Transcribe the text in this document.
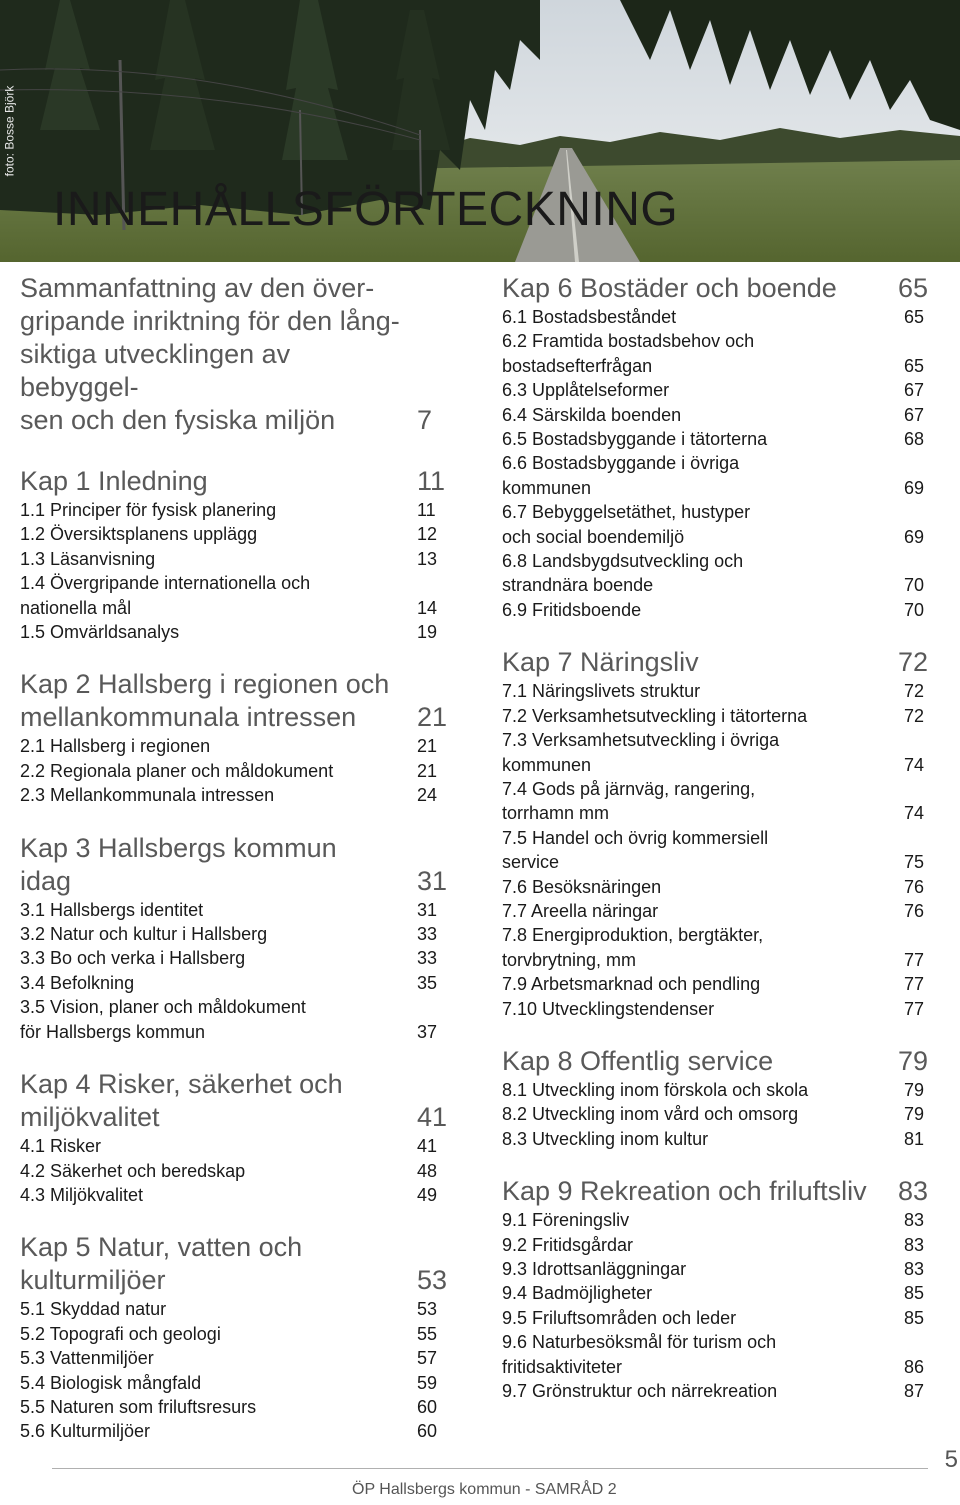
foto: Bosse Björk
INNEHÅLLSFÖRTECKNING
Sammanfattning av den över-
gripande inriktning för den lång-
siktiga utvecklingen av bebyggel-
sen och den fysiska miljön	7
Kap 1 Inledning	11
1.1 Principer för fysisk planering	11
1.2 Översiktsplanens upplägg	12
1.3 Läsanvisning	13
1.4 Övergripande internationella och
nationella mål	14
1.5 Omvärldsanalys	19
Kap 2 Hallsberg i regionen och
mellankommunala intressen	21
2.1 Hallsberg i regionen	21
2.2 Regionala planer och måldokument	21
2.3 Mellankommunala intressen	24
Kap 3 Hallsbergs kommun
idag	31
3.1 Hallsbergs identitet	31
3.2 Natur och kultur i Hallsberg	33
3.3 Bo och verka i Hallsberg	33
3.4 Befolkning	35
3.5 Vision, planer och måldokument
för Hallsbergs kommun	37
Kap 4 Risker, säkerhet och
miljökvalitet	41
4.1 Risker	41
4.2 Säkerhet och beredskap	48
4.3 Miljökvalitet	49
Kap 5 Natur, vatten och
kulturmiljöer	53
5.1 Skyddad natur	53
5.2 Topografi och geologi	55
5.3 Vattenmiljöer	57
5.4 Biologisk mångfald	59
5.5 Naturen som friluftsresurs	60
5.6 Kulturmiljöer	60
Kap 6 Bostäder och boende	65
6.1 Bostadsbeståndet	65
6.2 Framtida bostadsbehov och
bostadsefterfrågan	65
6.3 Upplåtelseformer	67
6.4 Särskilda boenden	67
6.5 Bostadsbyggande i tätorterna	68
6.6 Bostadsbyggande i övriga
kommunen	69
6.7 Bebyggelsetäthet, hustyper
och social boendemiljö	69
6.8 Landsbygdsutveckling och
strandnära boende	70
6.9 Fritidsboende	70
Kap 7 Näringsliv	72
7.1 Näringslivets struktur	72
7.2 Verksamhetsutveckling i tätorterna	72
7.3 Verksamhetsutveckling i övriga
kommunen	74
7.4 Gods på järnväg, rangering,
torrhamn mm	74
7.5 Handel och övrig kommersiell
service	75
7.6 Besöksnäringen	76
7.7 Areella näringar	76
7.8 Energiproduktion, bergtäkter,
torvbrytning, mm	77
7.9 Arbetsmarknad och pendling	77
7.10 Utvecklingstendenser	77
Kap 8 Offentlig service	79
8.1 Utveckling inom förskola och skola	79
8.2 Utveckling inom vård och omsorg	79
8.3 Utveckling inom kultur	81
Kap 9 Rekreation och friluftsliv	83
9.1 Föreningsliv	83
9.2 Fritidsgårdar	83
9.3 Idrottsanläggningar	83
9.4 Badmöjligheter	85
9.5 Friluftsområden och leder	85
9.6 Naturbesöksmål för turism och
fritidsaktiviteter	86
9.7 Grönstruktur och närrekreation	87
5
ÖP Hallsbergs kommun - SAMRÅD 2
